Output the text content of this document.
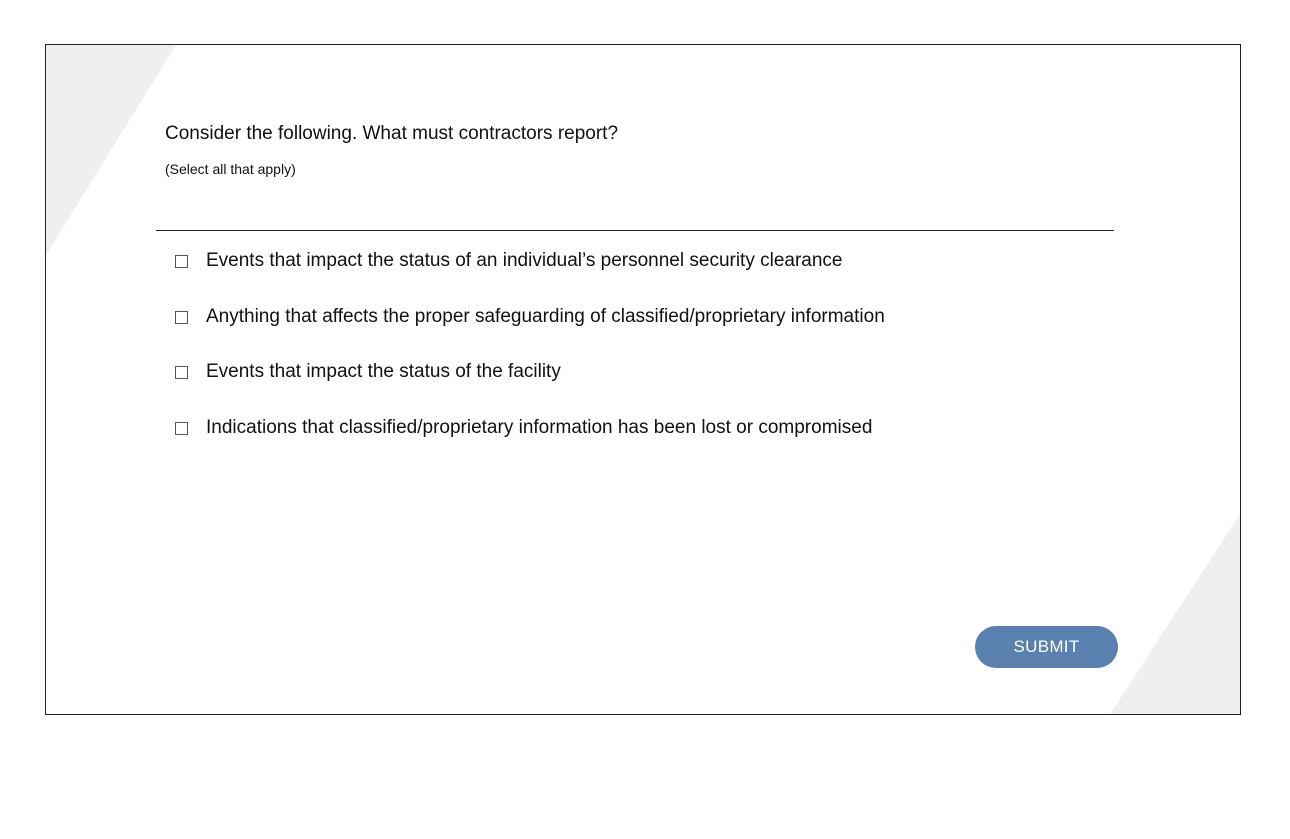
Consider the following. What must contractors report?
(Select all that apply)
Events that impact the status of an individual’s personnel security clearance
Anything that affects the proper safeguarding of classified/proprietary information
Events that impact the status of the facility
Indications that classified/proprietary information has been lost or compromised
SUBMIT
